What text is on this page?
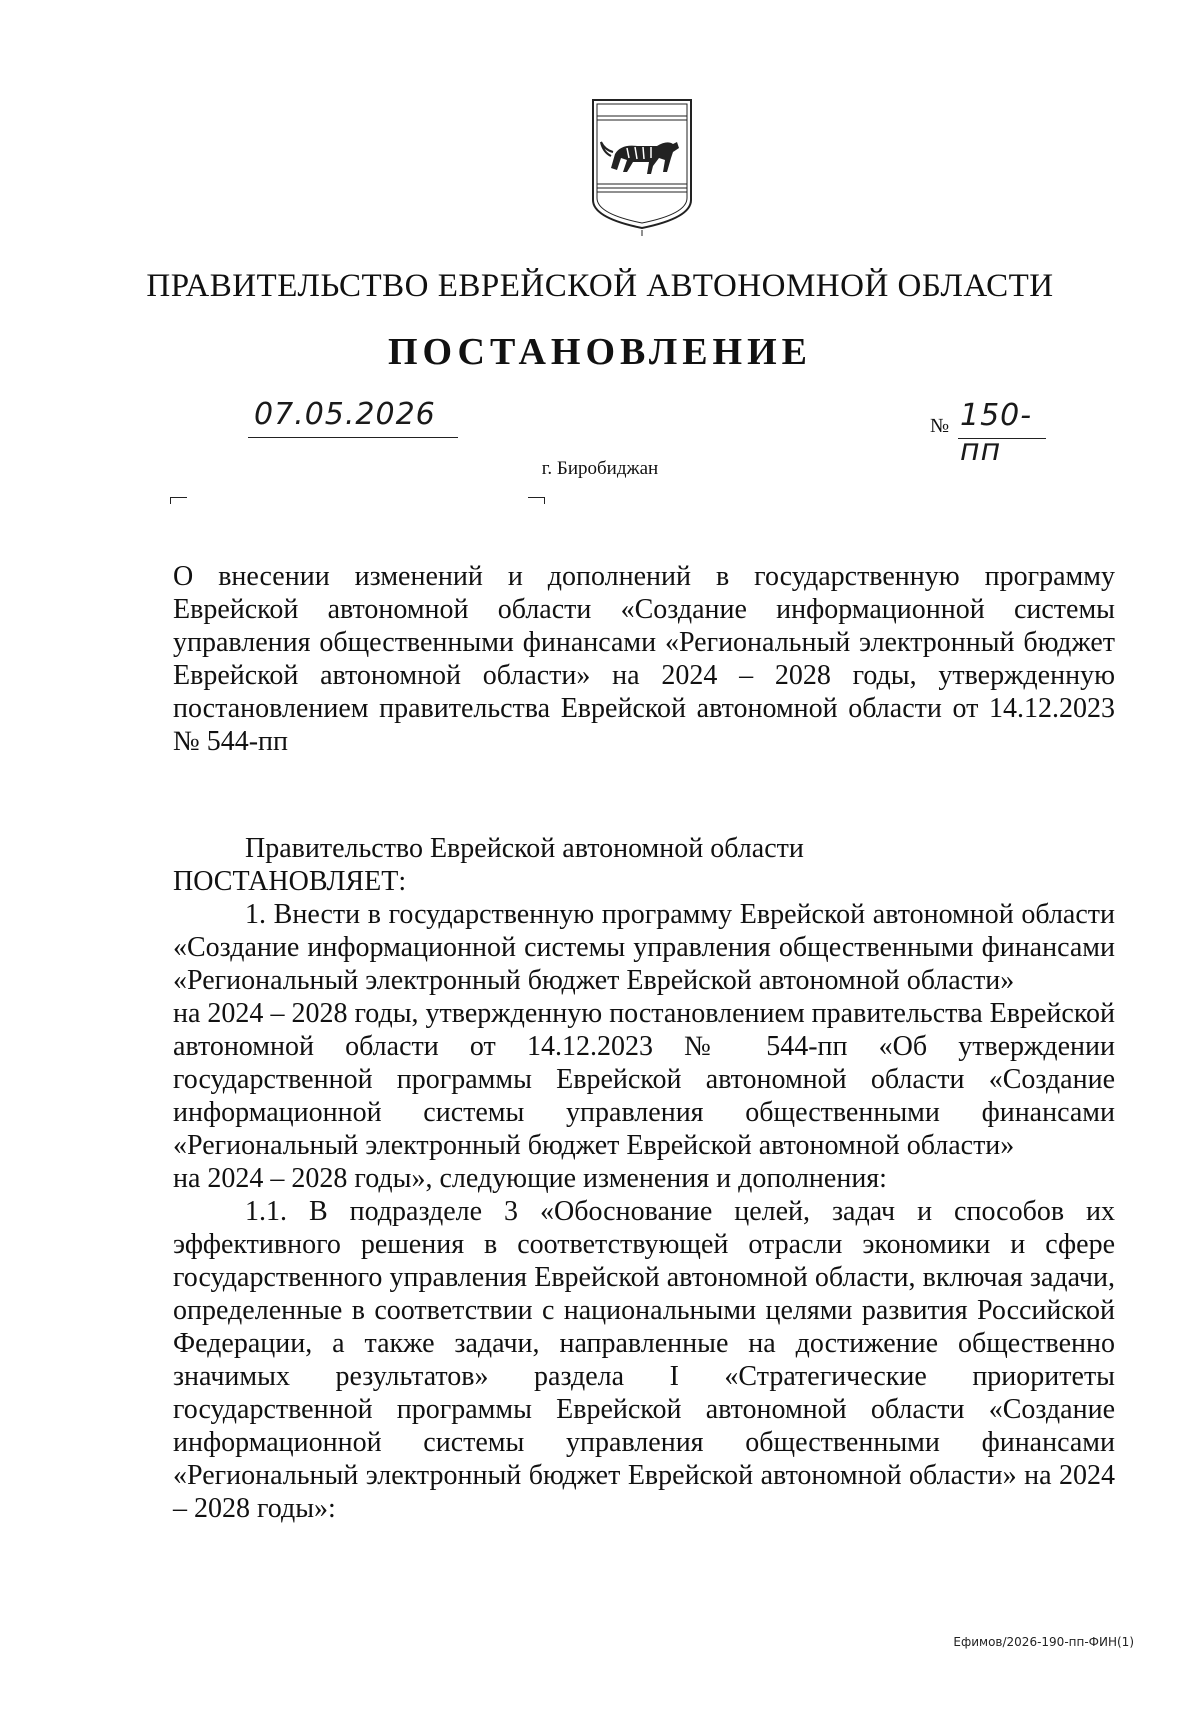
ПРАВИТЕЛЬСТВО ЕВРЕЙСКОЙ АВТОНОМНОЙ ОБЛАСТИ
ПОСТАНОВЛЕНИЕ
07.05.2026	№ 150-пп
г. Биробиджан

О внесении изменений и дополнений в государственную программу Еврейской автономной области «Создание информационной системы управления общественными финансами «Региональный электронный бюджет Еврейской автономной области» на 2024 – 2028 годы, утвержденную постановлением правительства Еврейской автономной области от 14.12.2023 № 544-пп

Правительство Еврейской автономной области

ПОСТАНОВЛЯЕТ:

1. Внести в государственную программу Еврейской автономной области «Создание информационной системы управления общественными финансами «Региональный электронный бюджет Еврейской автономной области»

на 2024 – 2028 годы, утвержденную постановлением правительства Еврейской автономной области от 14.12.2023 № 544-пп «Об утверждении государственной программы Еврейской автономной области «Создание информационной системы управления общественными финансами «Региональный электронный бюджет Еврейской автономной области»

на 2024 – 2028 годы», следующие изменения и дополнения:

1.1. В подразделе 3 «Обоснование целей, задач и способов их эффективного решения в соответствующей отрасли экономики и сфере государственного управления Еврейской автономной области, включая задачи, определенные в соответствии с национальными целями развития Российской Федерации, а также задачи, направленные на достижение общественно значимых результатов» раздела I «Стратегические приоритеты государственной программы Еврейской автономной области «Создание информационной системы управления общественными финансами «Региональный электронный бюджет Еврейской автономной области» на 2024 – 2028 годы»:

Ефимов/2026-190-пп-ФИН(1)
